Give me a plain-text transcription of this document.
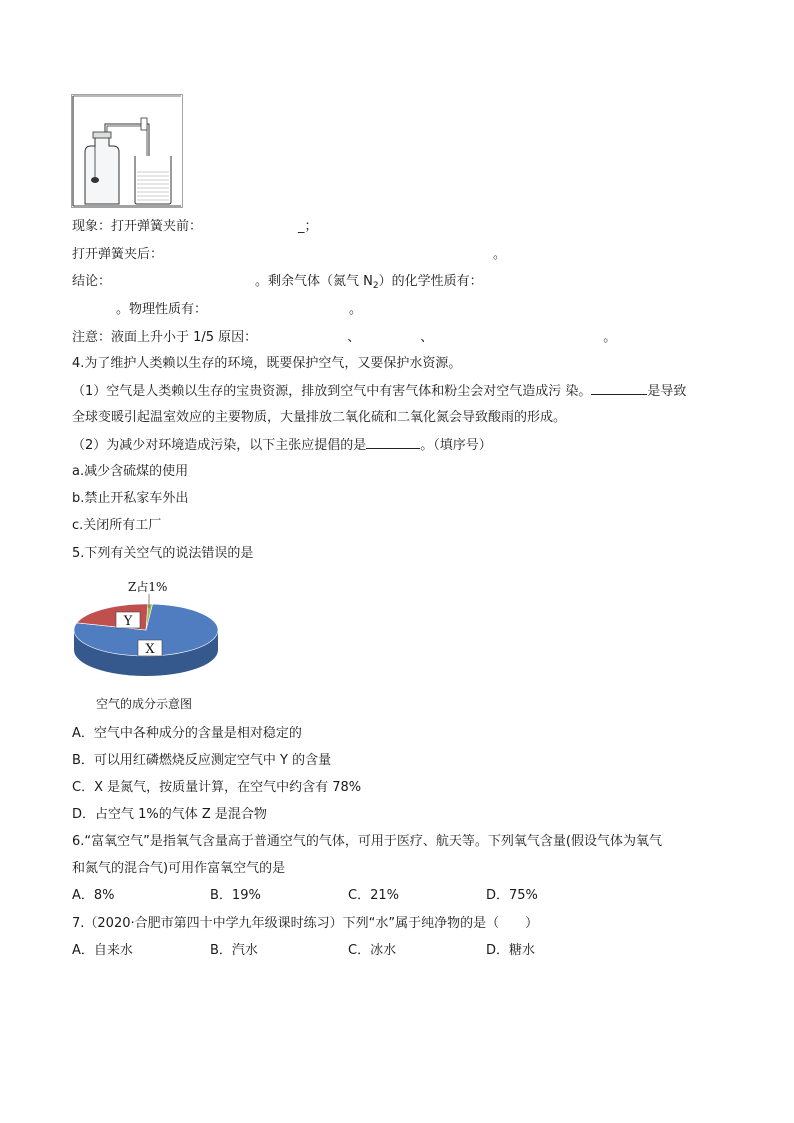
现象：打开弹簧夹前：	_；
打开弹簧夹后：	。
结论：	。剩余气体（氮气 $N_2$）的化学性质有：
。物理性质有：	。
注意：液面上升小于 1/5 原因：	、	、	。
4.为了维护人类赖以生存的环境，既要保护空气，又要保护水资源。
（1）空气是人类赖以生存的宝贵资源，排放到空气中有害气体和粉尘会对空气造成污 染。	是导致
全球变暖引起温室效应的主要物质，大量排放二氧化硫和二氧化氮会导致酸雨的形成。
（2）为减少对环境造成污染，以下主张应提倡的是	。（填序号）
a.减少含硫煤的使用
b.禁止开私家车外出
c.关闭所有工厂
5.下列有关空气的说法错误的是
X
Y
Z占1%
空气的成分示意图
A．空气中各种成分的含量是相对稳定的
B．可以用红磷燃烧反应测定空气中 Y 的含量
C．X 是氮气，按质量计算，在空气中约含有 78%
D．占空气 1%的气体 Z 是混合物
6.“富氧空气”是指氧气含量高于普通空气的气体，可用于医疗、航天等。下列氧气含量(假设气体为氧气
和氮气的混合气)可用作富氧空气的是
A．8%	B．19%	C．21%	D．75%
7.（2020·合肥市第四十中学九年级课时练习）下列“水”属于纯净物的是（　　）
A．自来水	B．汽水	C．冰水	D．糖水
